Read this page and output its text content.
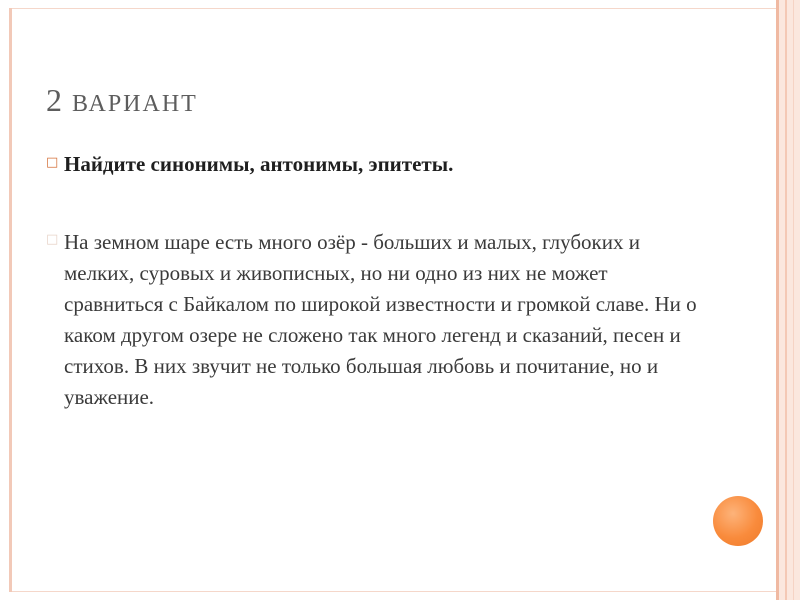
2 ВАРИАНТ
□ Найдите синонимы, антонимы, эпитеты.
□ На земном шаре есть много озёр - больших и малых, глубоких и мелких, суровых и живописных, но ни одно из них не может сравниться с Байкалом по широкой известности и громкой славе. Ни о каком другом озере не сложено так много легенд и сказаний, песен и стихов. В них звучит не только большая любовь и почитание, но и уважение.
